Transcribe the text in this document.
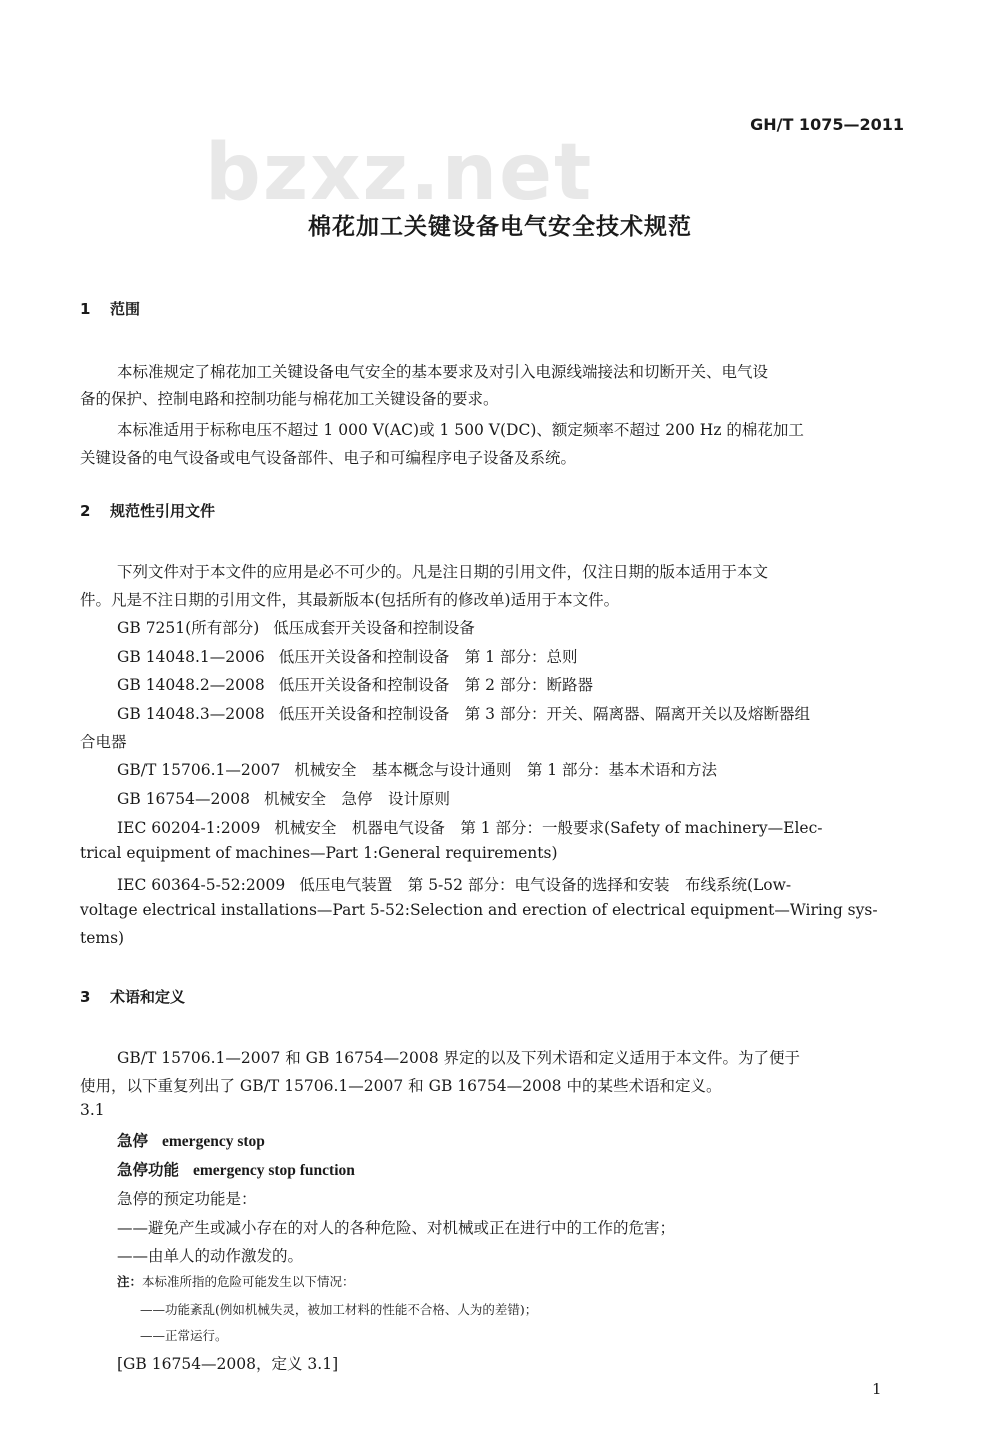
GH/T 1075—2011
bzxz.net
棉花加工关键设备电气安全技术规范
1 范围
本标准规定了棉花加工关键设备电气安全的基本要求及对引入电源线端接法和切断开关、电气设
备的保护、控制电路和控制功能与棉花加工关键设备的要求。
本标准适用于标称电压不超过 1 000 V(AC)或 1 500 V(DC)、额定频率不超过 200 Hz 的棉花加工
关键设备的电气设备或电气设备部件、电子和可编程序电子设备及系统。
2 规范性引用文件
下列文件对于本文件的应用是必不可少的。凡是注日期的引用文件，仅注日期的版本适用于本文
件。凡是不注日期的引用文件，其最新版本(包括所有的修改单)适用于本文件。
GB 7251(所有部分) 低压成套开关设备和控制设备
GB 14048.1—2006 低压开关设备和控制设备　第 1 部分：总则
GB 14048.2—2008 低压开关设备和控制设备　第 2 部分：断路器
GB 14048.3—2008 低压开关设备和控制设备　第 3 部分：开关、隔离器、隔离开关以及熔断器组
合电器
GB/T 15706.1—2007 机械安全　基本概念与设计通则　第 1 部分：基本术语和方法
GB 16754—2008 机械安全　急停　设计原则
IEC 60204-1:2009 机械安全　机器电气设备　第 1 部分：一般要求(Safety of machinery—Elec-
trical equipment of machines—Part 1:General requirements)
IEC 60364-5-52:2009 低压电气装置　第 5-52 部分：电气设备的选择和安装　布线系统(Low-
voltage electrical installations—Part 5-52:Selection and erection of electrical equipment—Wiring sys-
tems)
3 术语和定义
GB/T 15706.1—2007 和 GB 16754—2008 界定的以及下列术语和定义适用于本文件。为了便于
使用，以下重复列出了 GB/T 15706.1—2007 和 GB 16754—2008 中的某些术语和定义。
3.1
急停 emergency stop
急停功能 emergency stop function
急停的预定功能是：
——避免产生或减小存在的对人的各种危险、对机械或正在进行中的工作的危害；
——由单人的动作激发的。
注：本标准所指的危险可能发生以下情况：
——功能紊乱(例如机械失灵，被加工材料的性能不合格、人为的差错)；
——正常运行。
[GB 16754—2008，定义 3.1]
1
